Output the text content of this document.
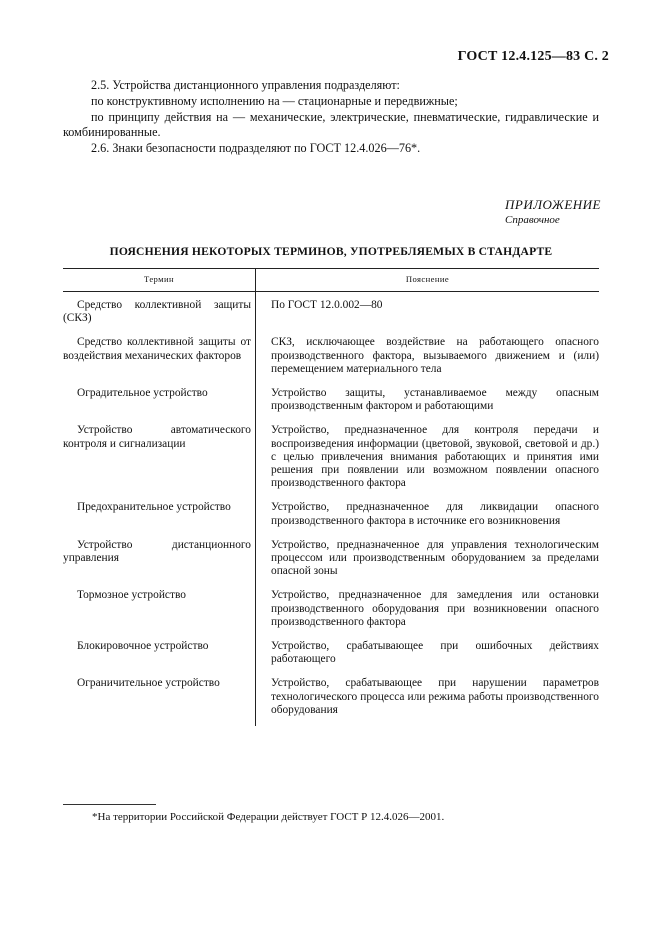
ГОСТ 12.4.125—83 С. 2

2.5. Устройства дистанционного управления подразделяют:

по конструктивному исполнению на — стационарные и передвижные;

по принципу действия на — механические, электрические, пневматические, гидравлические и комбинированные.

2.6. Знаки безопасности подразделяют по ГОСТ 12.4.026—76*.

ПРИЛОЖЕНИЕ
Справочное
ПОЯСНЕНИЯ НЕКОТОРЫХ ТЕРМИНОВ, УПОТРЕБЛЯЕМЫХ В СТАНДАРТЕ
Термин	Пояснение

Средство коллективной защиты (СКЗ)	По ГОСТ 12.0.002—80

Средство коллективной защиты от воздействия механических факторов	СКЗ, исключающее воздействие на работающего опасного производственного фактора, вызываемого движением и (или) перемещением материального тела

Оградительное устройство	Устройство защиты, устанавливаемое между опасным производственным фактором и работающими

Устройство автоматического контроля и сигнализации	Устройство, предназначенное для контроля передачи и воспроизведения информации (цветовой, звуковой, световой и др.) с целью привлечения внимания работающих и принятия ими решения при появлении или возможном появлении опасного производственного фактора

Предохранительное устройство	Устройство, предназначенное для ликвидации опасного производственного фактора в источнике его возникновения

Устройство дистанционного управления	Устройство, предназначенное для управления технологическим процессом или производственным оборудованием за пределами опасной зоны

Тормозное устройство	Устройство, предназначенное для замедления или остановки производственного оборудования при возникновении опасного производственного фактора

Блокировочное устройство	Устройство, срабатывающее при ошибочных действиях работающего

Ограничительное устройство	Устройство, срабатывающее при нарушении параметров технологического процесса или режима работы производственного оборудования
*На территории Российской Федерации действует ГОСТ Р 12.4.026—2001.
